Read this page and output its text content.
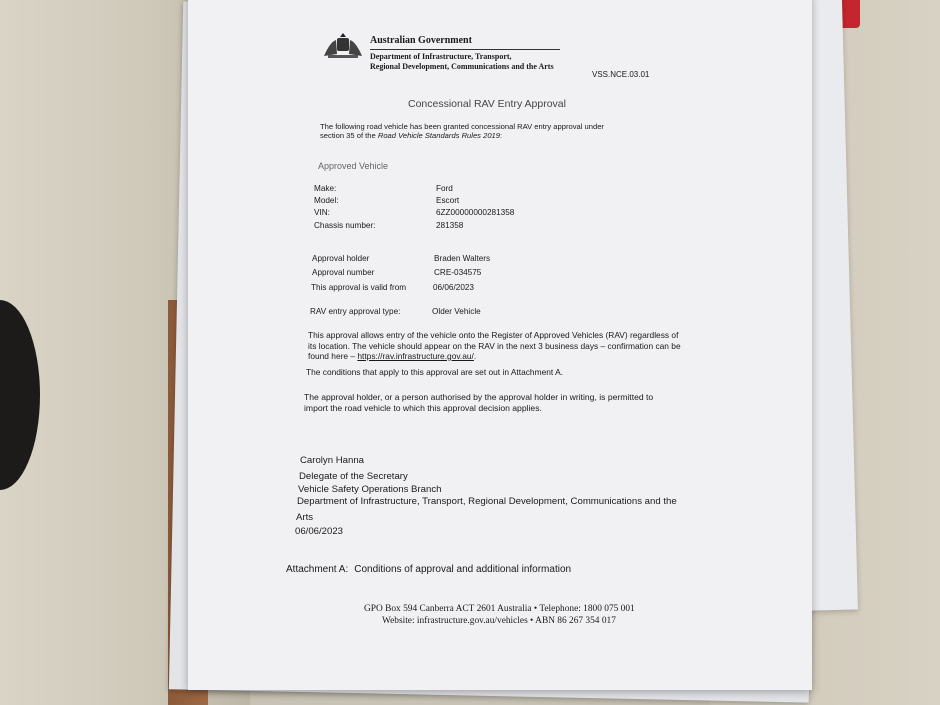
Australian Government
Department of Infrastructure, Transport,
Regional Development, Communications and the Arts
VSS.NCE.03.01
Concessional RAV Entry Approval
The following road vehicle has been granted concessional RAV entry approval under
section 35 of the Road Vehicle Standards Rules 2019:
Approved Vehicle
Make:	Ford
Model:	Escort
VIN:	6ZZ00000000281358
Chassis number:	281358
Approval holder	Braden Walters
Approval number	CRE-034575
This approval is valid from	06/06/2023
RAV entry approval type:	Older Vehicle
This approval allows entry of the vehicle onto the Register of Approved Vehicles (RAV) regardless of its location. The vehicle should appear on the RAV in the next 3 business days – confirmation can be found here – https://rav.infrastructure.gov.au/.
The conditions that apply to this approval are set out in Attachment A.
The approval holder, or a person authorised by the approval holder in writing, is permitted to import the road vehicle to which this approval decision applies.
Carolyn Hanna
Delegate of the Secretary
Vehicle Safety Operations Branch
Department of Infrastructure, Transport, Regional Development, Communications and the
Arts
06/06/2023
Attachment A: Conditions of approval and additional information
GPO Box 594 Canberra ACT 2601 Australia • Telephone: 1800 075 001
Website: infrastructure.gov.au/vehicles • ABN 86 267 354 017
